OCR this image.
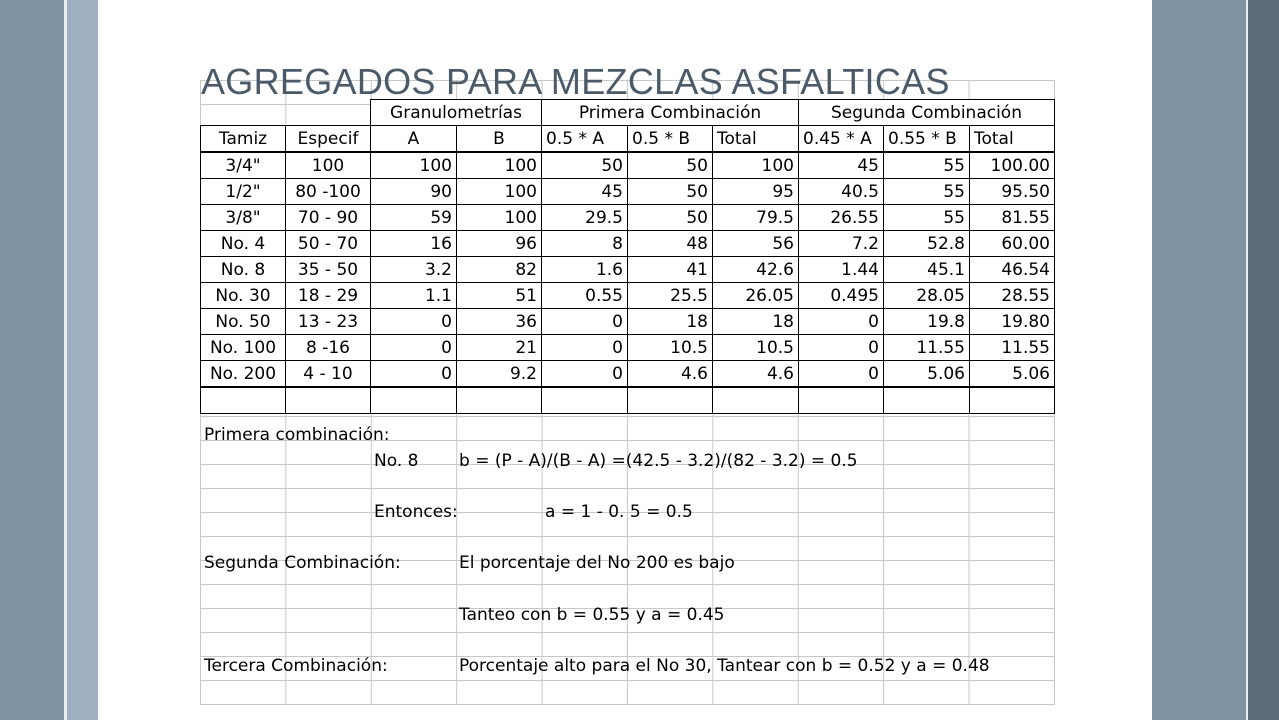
AGREGADOS PARA MEZCLAS ASFALTICAS
		Granulometrías		Primera Combinación			Segunda Combinación		
Tamiz	Especif	A	B	0.5 * A	0.5 * B	Total	0.45 * A	0.55 * B	Total
3/4"	100	100	100	50	50	100	45	55	100.00
1/2"	80 -100	90	100	45	50	95	40.5	55	95.50
3/8"	70 - 90	59	100	29.5	50	79.5	26.55	55	81.55
No. 4	50 - 70	16	96	8	48	56	7.2	52.8	60.00
No. 8	35 - 50	3.2	82	1.6	41	42.6	1.44	45.1	46.54
No. 30	18 - 29	1.1	51	0.55	25.5	26.05	0.495	28.05	28.55
No. 50	13 - 23	0	36	0	18	18	0	19.8	19.80
No. 100	8 -16	0	21	0	10.5	10.5	0	11.55	11.55
No. 200	4 - 10	0	9.2	0	4.6	4.6	0	5.06	5.06

Primera combinación:
No. 8 b = (P - A)/(B - A) =(42.5 - 3.2)/(82 - 3.2) = 0.5
Entonces:	a = 1 - 0. 5 = 0.5
Segunda Combinación:	El porcentaje del No 200 es bajo
Tanteo con b = 0.55 y a = 0.45
Tercera Combinación:	Porcentaje alto para el No 30, Tantear con b = 0.52 y a = 0.48
